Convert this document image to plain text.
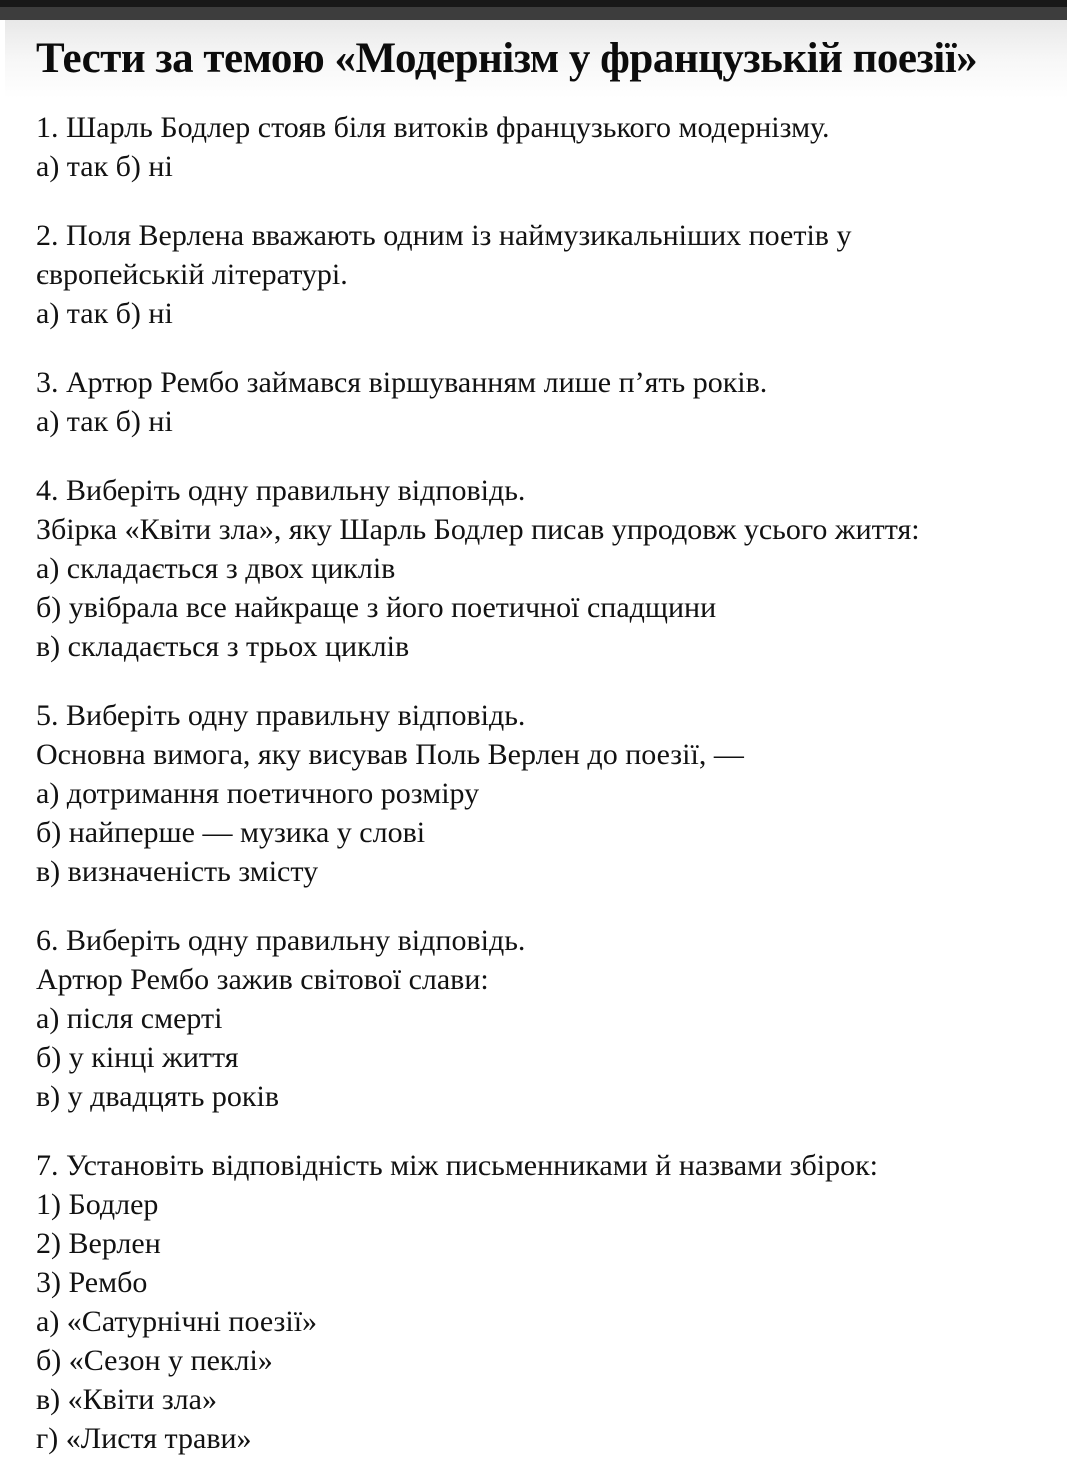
Тести за темою «Модернізм у французькій поезії»

1. Шарль Бодлер стояв біля витоків французького модернізму.

а) так б) ні

2. Поля Верлена вважають одним із наймузикальніших поетів у

європейській літературі.

а) так б) ні

3. Артюр Рембо займався віршуванням лише п’ять років.

а) так б) ні

4. Виберіть одну правильну відповідь.

Збірка «Квіти зла», яку Шарль Бодлер писав упродовж усього життя:

а) складається з двох циклів

б) увібрала все найкраще з його поетичної спадщини

в) складається з трьох циклів

5. Виберіть одну правильну відповідь.

Основна вимога, яку висував Поль Верлен до поезії, —

а) дотримання поетичного розміру

б) найперше — музика у слові

в) визначеність змісту

6. Виберіть одну правильну відповідь.

Артюр Рембо зажив світової слави:

а) після смерті

б) у кінці життя

в) у двадцять років

7. Установіть відповідність між письменниками й назвами збірок:

1) Бодлер

2) Верлен

3) Рембо

а) «Сатурнічні поезії»

б) «Сезон у пеклі»

в) «Квіти зла»

г) «Листя трави»
